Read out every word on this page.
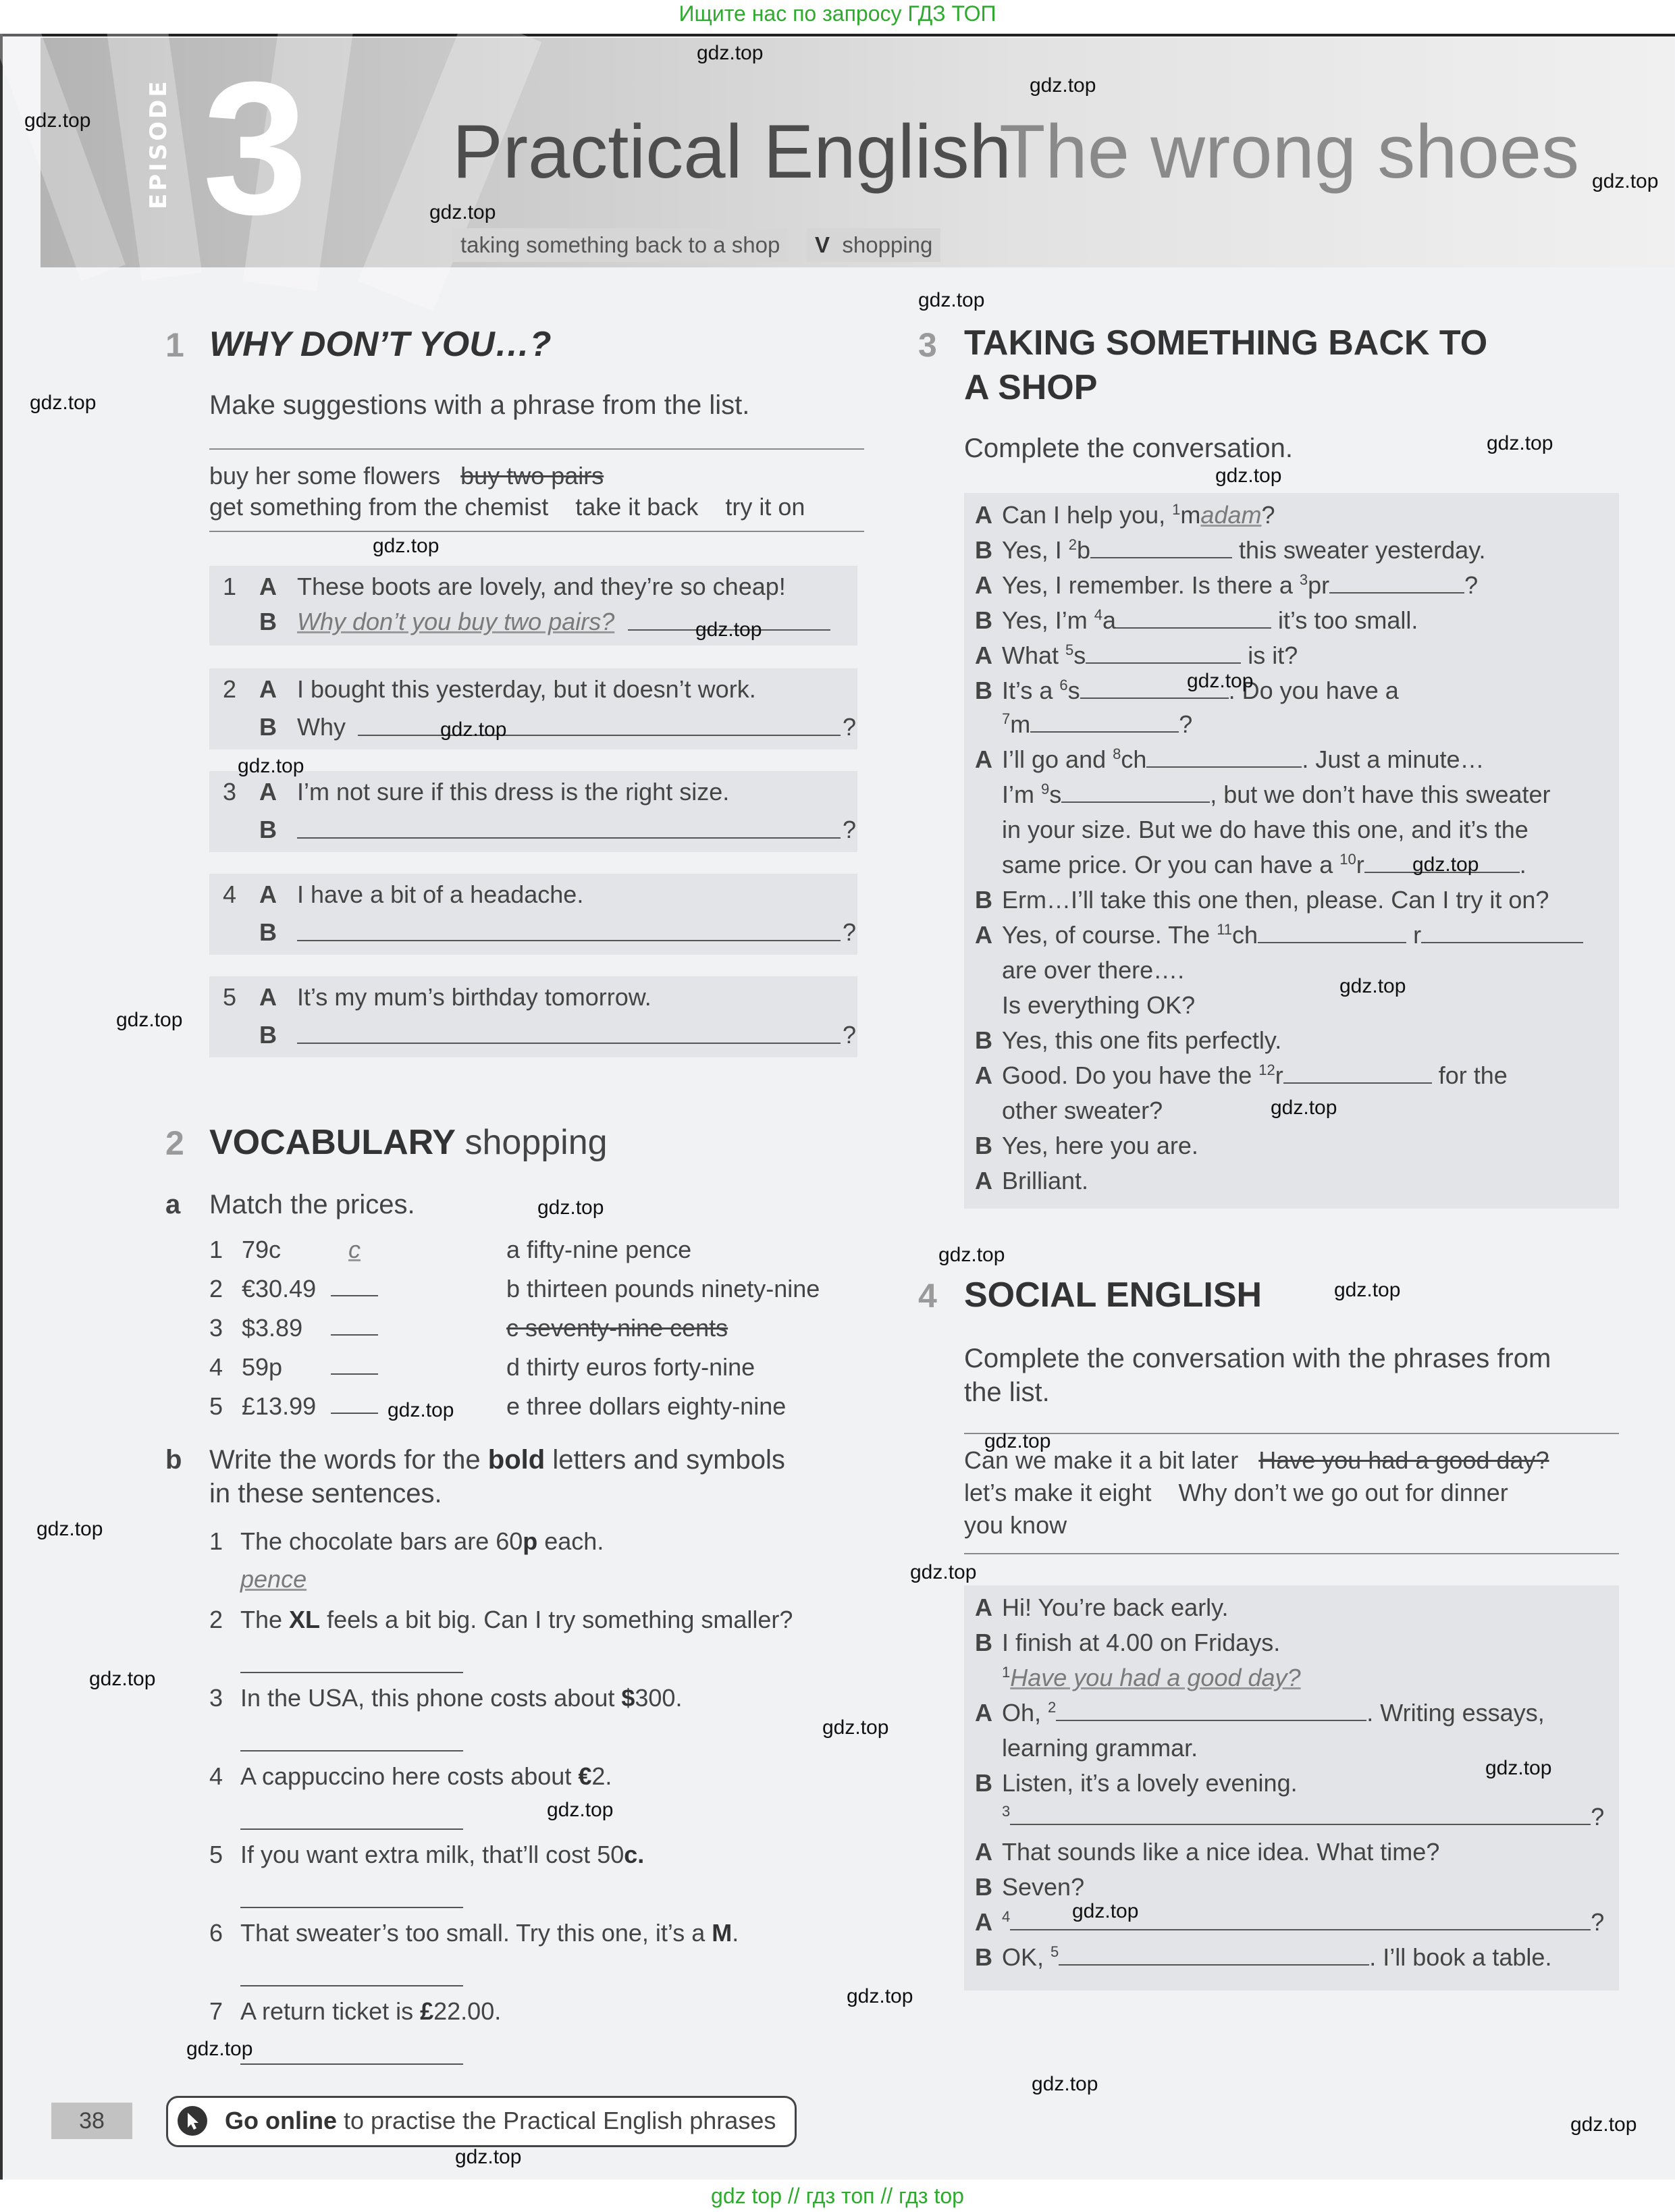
Ищите нас по запросу ГДЗ ТОП
EPISODE 3 Practical English
The wrong shoes
taking something back to a shop	V shopping
1 WHY DON’T YOU…?
Make suggestions with a phrase from the list.
buy her some flowers buy two pairs
get something from the chemist    take it back    try it on
1 A These boots are lovely, and they’re so cheap!
B Why don’t you buy two pairs?
2 A I bought this yesterday, but it doesn’t work.
B Why	?
3 A I’m not sure if this dress is the right size.
B	?
4 A I have a bit of a headache.
B	?
5 A It’s my mum’s birthday tomorrow.
B	?
2 VOCABULARY shopping
a Match the prices.
1 79c	c	a fifty-nine pence
2 €30.49	b thirteen pounds ninety-nine
3 $3.89	c seventy-nine cents
4 59p	d thirty euros forty-nine
5 £13.99	e three dollars eighty-nine
b Write the words for the bold letters and symbols
in these sentences.
1 The chocolate bars are 60p each.
pence
2 The XL feels a bit big. Can I try something smaller?
3 In the USA, this phone costs about $300.
4 A cappuccino here costs about €2.
5 If you want extra milk, that’ll cost 50c.
6 That sweater’s too small. Try this one, it’s a M.
7 A return ticket is £22.00.
3 TAKING SOMETHING BACK TO
A SHOP
Complete the conversation.
A Can I help you, $^1$madam?
B Yes, I $^2$b	this sweater yesterday.
A Yes, I remember. Is there a $^3$pr	?
B Yes, I’m $^4$a	it’s too small.
A What $^5$s	is it?
B It’s a $^6$s	. Do you have a
$^7$m	?
A I’ll go and $^8$ch	. Just a minute…
I’m $^9$s	, but we don’t have this sweater
in your size. But we do have this one, and it’s the
same price. Or you can have a $^{10}$r	.
B Erm…I’ll take this one then, please. Can I try it on?
A Yes, of course. The $^{11}$ch	r
are over there….
Is everything OK?
B Yes, this one fits perfectly.
A Good. Do you have the $^{12}$r	for the
other sweater?
B Yes, here you are.
A Brilliant.
4 SOCIAL ENGLISH
Complete the conversation with the phrases from
the list.
Can we make it a bit later Have you had a good day?
let’s make it eight    Why don’t we go out for dinner
you know
A Hi! You’re back early.
B I finish at 4.00 on Fridays.
$^1$Have you had a good day?
A Oh, $^2$	. Writing essays,
learning grammar.
B Listen, it’s a lovely evening.
$^3$	?
A That sounds like a nice idea. What time?
B Seven?
A $^4$	?
B OK, $^5$	. I’ll book a table.
38	Go online to practise the Practical English phrases
gdz.top
gdz.top
gdz.top
gdz.top
gdz.top
gdz.top
gdz.top
gdz.top
gdz.top
gdz.top
gdz.top
gdz.top
gdz.top
gdz.top
gdz.top
gdz.top
gdz.top
gdz.top
gdz.top
gdz.top
gdz.top
gdz.top
gdz.top
gdz.top
gdz.top
gdz.top
gdz.top
gdz.top
gdz.top
gdz.top
gdz.top
gdz.top
gdz.top
gdz.top
gdz.top
gdz top // гдз топ // гдз top
